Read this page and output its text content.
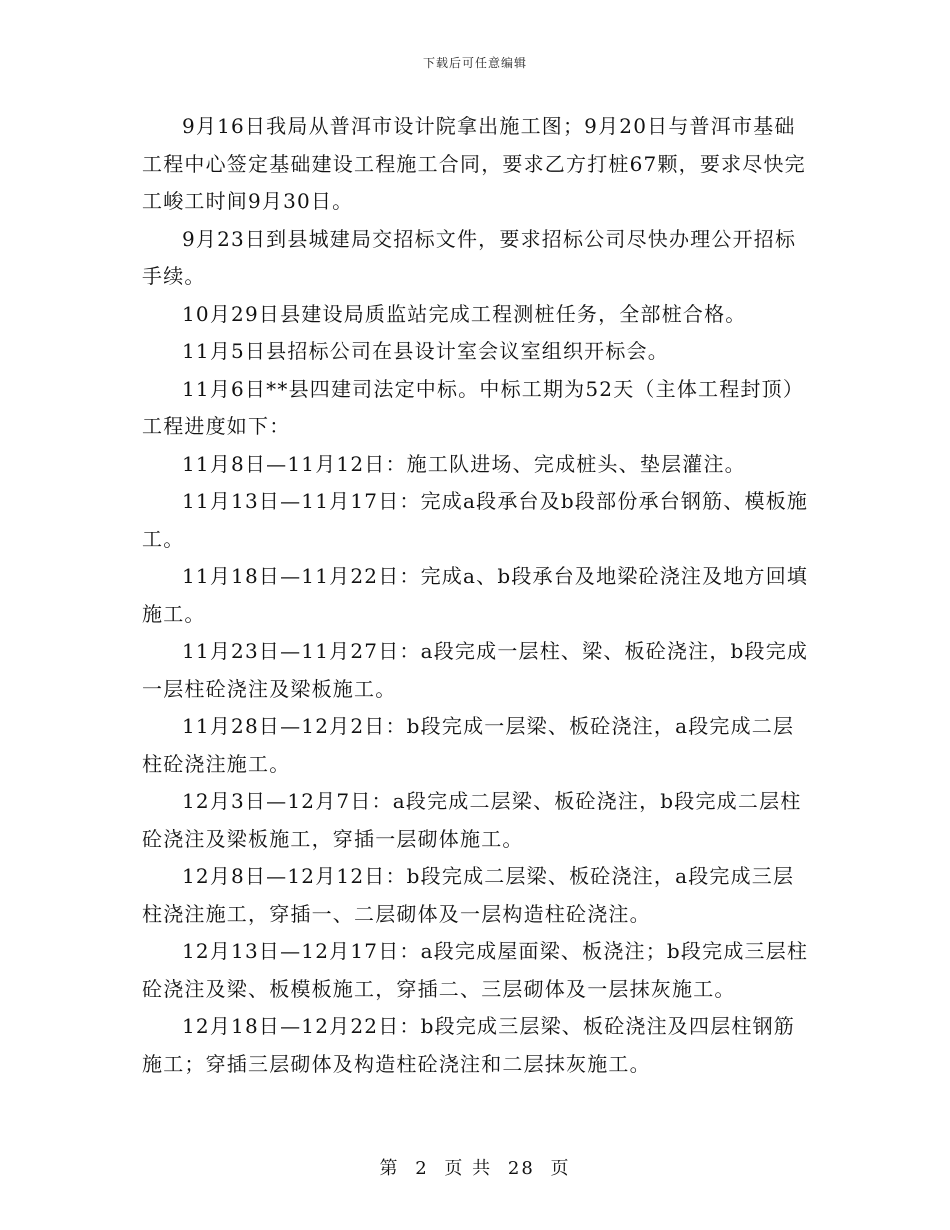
下载后可任意编辑

9月16日我局从普洱市设计院拿出施工图；9月20日与普洱市基础工程中心签定基础建设工程施工合同，要求乙方打桩67颗，要求尽快完工峻工时间9月30日。

9月23日到县城建局交招标文件，要求招标公司尽快办理公开招标手续。

10月29日县建设局质监站完成工程测桩任务，全部桩合格。

11月5日县招标公司在县设计室会议室组织开标会。

11月6日**县四建司法定中标。中标工期为52天（主体工程封顶）工程进度如下：

11月8日—11月12日：施工队进场、完成桩头、垫层灌注。

11月13日—11月17日：完成a段承台及b段部份承台钢筋、模板施工。

11月18日—11月22日：完成a、b段承台及地梁砼浇注及地方回填施工。

11月23日—11月27日：a段完成一层柱、梁、板砼浇注，b段完成一层柱砼浇注及梁板施工。

11月28日—12月2日：b段完成一层梁、板砼浇注，a段完成二层柱砼浇注施工。

12月3日—12月7日：a段完成二层梁、板砼浇注，b段完成二层柱砼浇注及梁板施工，穿插一层砌体施工。

12月8日—12月12日：b段完成二层梁、板砼浇注，a段完成三层柱浇注施工，穿插一、二层砌体及一层构造柱砼浇注。

12月13日—12月17日：a段完成屋面梁、板浇注；b段完成三层柱砼浇注及梁、板模板施工，穿插二、三层砌体及一层抹灰施工。

12月18日—12月22日：b段完成三层梁、板砼浇注及四层柱钢筋施工；穿插三层砌体及构造柱砼浇注和二层抹灰施工。

第 2 页 共 28 页
